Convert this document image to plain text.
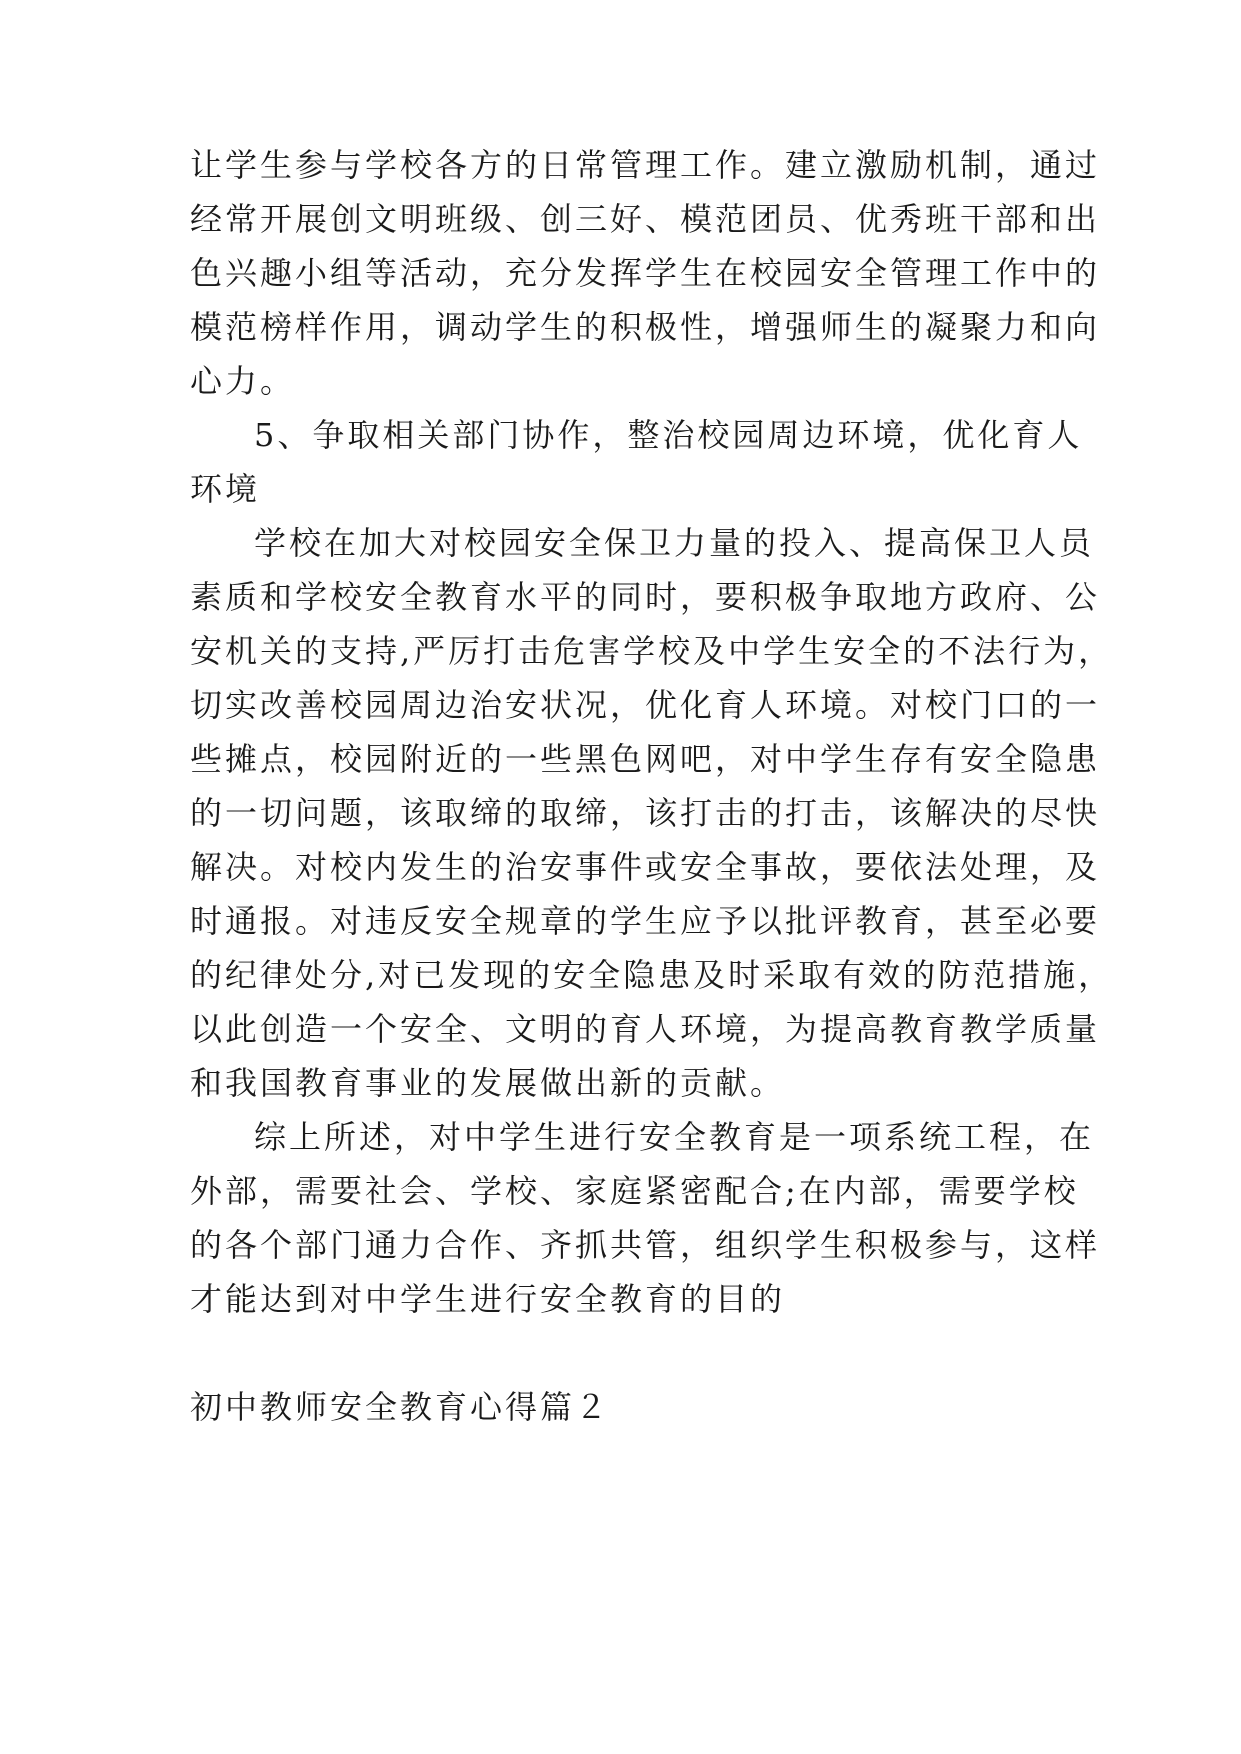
让学生参与学校各方的日常管理工作。建立激励机制，通过
经常开展创文明班级、创三好、模范团员、优秀班干部和出
色兴趣小组等活动，充分发挥学生在校园安全管理工作中的
模范榜样作用，调动学生的积极性，增强师生的凝聚力和向
心力。
5、争取相关部门协作，整治校园周边环境，优化育人
环境
学校在加大对校园安全保卫力量的投入、提高保卫人员
素质和学校安全教育水平的同时，要积极争取地方政府、公
安机关的支持,严厉打击危害学校及中学生安全的不法行为，
切实改善校园周边治安状况，优化育人环境。对校门口的一
些摊点，校园附近的一些黑色网吧，对中学生存有安全隐患
的一切问题，该取缔的取缔，该打击的打击，该解决的尽快
解决。对校内发生的治安事件或安全事故，要依法处理，及
时通报。对违反安全规章的学生应予以批评教育，甚至必要
的纪律处分,对已发现的安全隐患及时采取有效的防范措施，
以此创造一个安全、文明的育人环境，为提高教育教学质量
和我国教育事业的发展做出新的贡献。
综上所述，对中学生进行安全教育是一项系统工程，在
外部，需要社会、学校、家庭紧密配合;在内部，需要学校
的各个部门通力合作、齐抓共管，组织学生积极参与，这样
才能达到对中学生进行安全教育的目的
初中教师安全教育心得篇２
